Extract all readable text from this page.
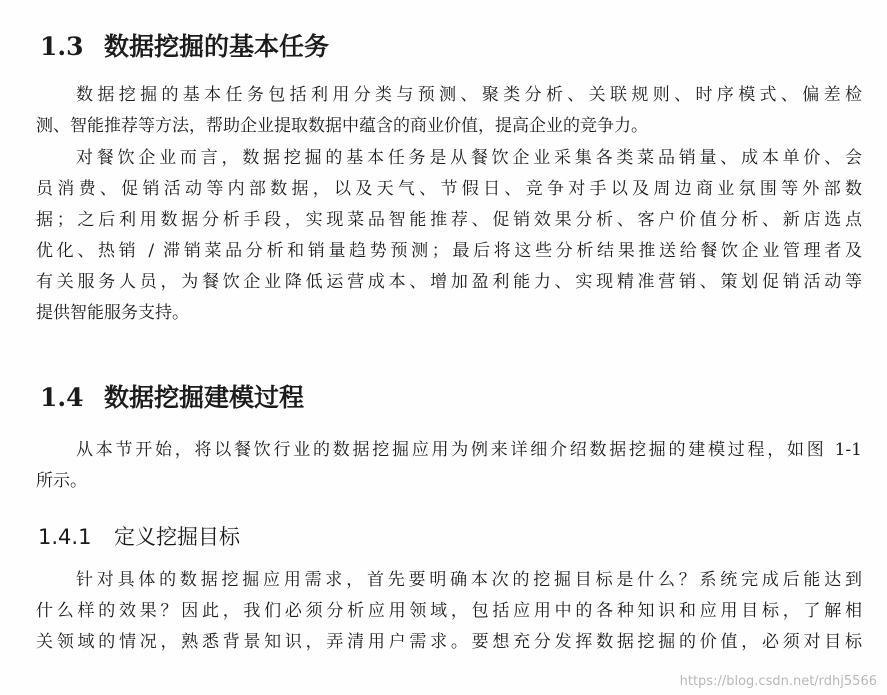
1.3 数据挖掘的基本任务
数据挖掘的基本任务包括利用分类与预测、聚类分析、关联规则、时序模式、偏差检
测、智能推荐等方法，帮助企业提取数据中蕴含的商业价值，提高企业的竞争力。
对餐饮企业而言，数据挖掘的基本任务是从餐饮企业采集各类菜品销量、成本单价、会
员消费、促销活动等内部数据，以及天气、节假日、竞争对手以及周边商业氛围等外部数
据；之后利用数据分析手段，实现菜品智能推荐、促销效果分析、客户价值分析、新店选点
优化、热销 / 滞销菜品分析和销量趋势预测；最后将这些分析结果推送给餐饮企业管理者及
有关服务人员，为餐饮企业降低运营成本、增加盈利能力、实现精准营销、策划促销活动等
提供智能服务支持。
1.4 数据挖掘建模过程
从本节开始，将以餐饮行业的数据挖掘应用为例来详细介绍数据挖掘的建模过程，如图 1-1
所示。
1.4.1 定义挖掘目标
针对具体的数据挖掘应用需求，首先要明确本次的挖掘目标是什么？系统完成后能达到
什么样的效果？因此，我们必须分析应用领域，包括应用中的各种知识和应用目标，了解相
关领域的情况，熟悉背景知识，弄清用户需求。要想充分发挥数据挖掘的价值，必须对目标
https://blog.csdn.net/rdhj5566
